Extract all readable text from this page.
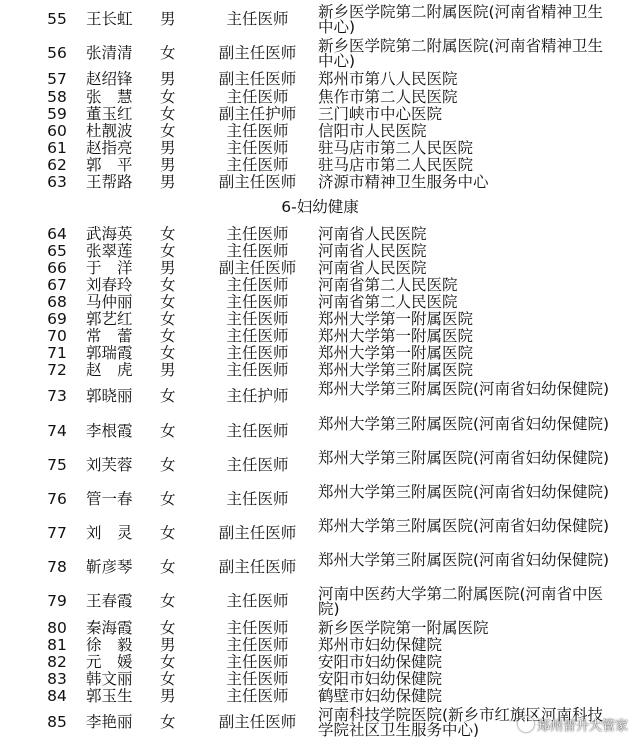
55	王长虹 男	主任医师	新乡医学院第二附属医院(河南省精神卫生中心)
56	张清清 女	副主任医师	新乡医学院第二附属医院(河南省精神卫生中心)
57	赵绍锋 男	副主任医师	郑州市第八人民医院
58	张　慧 女	主任医师	焦作市第二人民医院
59	董玉红 女	副主任护师	三门峡市中心医院
60	杜靓波 女	主任医师	信阳市人民医院
61	赵指亮 男	主任医师	驻马店市第二人民医院
62	郭　平 男	主任医师	驻马店市第二人民医院
63	王帮路 男	副主任医师	济源市精神卫生服务中心
64	武海英 女	主任医师	河南省人民医院
65	张翠莲 女	主任医师	河南省人民医院
66	于　洋 男	副主任医师	河南省人民医院
67	刘春玲 女	主任医师	河南省第二人民医院
68	马仲丽 女	主任医师	河南省第二人民医院
69	郭艺红 女	主任医师	郑州大学第一附属医院
70	常　蕾 女	主任医师	郑州大学第一附属医院
71	郭瑞霞 女	主任医师	郑州大学第一附属医院
72	赵　虎 男	主任医师	郑州大学第三附属医院
73	郭晓丽 女	主任护师	郑州大学第三附属医院(河南省妇幼保健院)
74	李根霞 女	主任医师	郑州大学第三附属医院(河南省妇幼保健院)
75	刘芙蓉 女	主任医师	郑州大学第三附属医院(河南省妇幼保健院)
76	管一春 女	主任医师	郑州大学第三附属医院(河南省妇幼保健院)
77	刘　灵 女	副主任医师	郑州大学第三附属医院(河南省妇幼保健院)
78	靳彦琴 女	副主任医师	郑州大学第三附属医院(河南省妇幼保健院)
79	王春霞 女	主任医师	河南中医药大学第二附属医院(河南省中医院)
80	秦海霞 女	主任医师	新乡医学院第一附属医院
81	徐　毅 男	主任医师	郑州市妇幼保健院
82	元　媛 女	主任医师	安阳市妇幼保健院
83	韩文丽 女	主任医师	安阳市妇幼保健院
84	郭玉生 男	主任医师	鹤壁市妇幼保健院
85	李艳丽 女	副主任医师	河南科技学院医院(新乡市红旗区河南科技学院社区卫生服务中心)
6-妇幼健康
郑州晋升大管家
